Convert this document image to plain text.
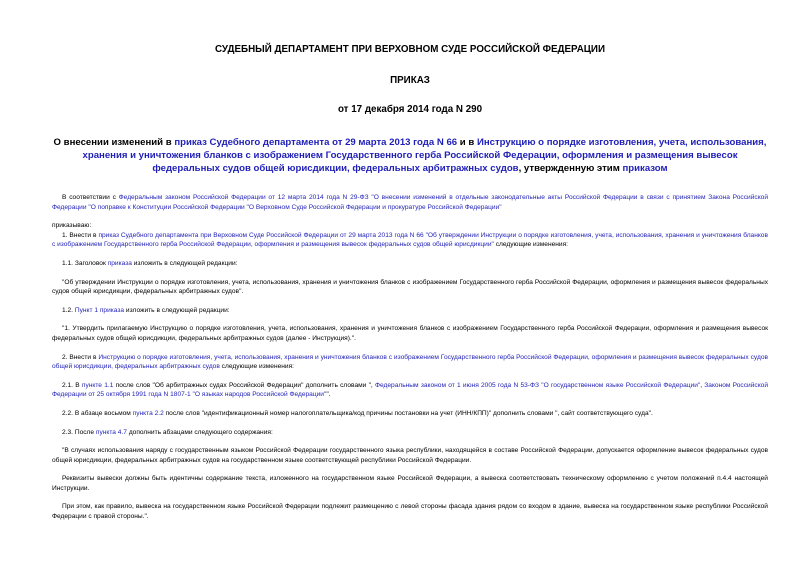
СУДЕБНЫЙ ДЕПАРТАМЕНТ ПРИ ВЕРХОВНОМ СУДЕ РОССИЙСКОЙ ФЕДЕРАЦИИ
ПРИКАЗ
от 17 декабря 2014 года N 290
О внесении изменений в приказ Судебного департамента от 29 марта 2013 года N 66 и в Инструкцию о порядке изготовления, учета, использования, хранения и уничтожения бланков с изображением Государственного герба Российской Федерации, оформления и размещения вывесок федеральных судов общей юрисдикции, федеральных арбитражных судов, утвержденную этим приказом

В соответствии с Федеральным законом Российской Федерации от 12 марта 2014 года N 29-ФЗ "О внесении изменений в отдельные законодательные акты Российской Федерации в связи с принятием Закона Российской Федерации "О поправке к Конституции Российской Федерации "О Верховном Суде Российской Федерации и прокуратуре Российской Федерации"

приказываю:

1. Внести в приказ Судебного департамента при Верховном Суде Российской Федерации от 29 марта 2013 года N 66 "Об утверждении Инструкции о порядке изготовления, учета, использования, хранения и уничтожения бланков с изображением Государственного герба Российской Федерации, оформления и размещения вывесок федеральных судов общей юрисдикции" следующие изменения:

1.1. Заголовок приказа изложить в следующей редакции:

"Об утверждении Инструкции о порядке изготовления, учета, использования, хранения и уничтожения бланков с изображением Государственного герба Российской Федерации, оформления и размещения вывесок федеральных судов общей юрисдикции, федеральных арбитражных судов".

1.2. Пункт 1 приказа изложить в следующей редакции:

"1. Утвердить прилагаемую Инструкцию о порядке изготовления, учета, использования, хранения и уничтожения бланков с изображением Государственного герба Российской Федерации, оформления и размещения вывесок федеральных судов общей юрисдикции, федеральных арбитражных судов (далее - Инструкция).".

2. Внести в Инструкцию о порядке изготовления, учета, использования, хранения и уничтожения бланков с изображением Государственного герба Российской Федерации, оформления и размещения вывесок федеральных судов общей юрисдикции, федеральных арбитражных судов следующие изменения:

2.1. В пункте 1.1 после слов "Об арбитражных судах Российской Федерации" дополнить словами ", Федеральным законом от 1 июня 2005 года N 53-ФЗ "О государственном языке Российской Федерации", Законом Российской Федерации от 25 октября 1991 года N 1807-1 "О языках народов Российской Федерации"".

2.2. В абзаце восьмом пункта 2.2 после слов "идентификационный номер налогоплательщика/код причины постановки на учет (ИНН/КПП)" дополнить словами ", сайт соответствующего суда".

2.3. После пункта 4.7 дополнить абзацами следующего содержания:

"В случаях использования наряду с государственным языком Российской Федерации государственного языка республики, находящейся в составе Российской Федерации, допускается оформление вывесок федеральных судов общей юрисдикции, федеральных арбитражных судов на государственном языке соответствующей республики Российской Федерации.

Реквизиты вывески должны быть идентичны содержание текста, изложенного на государственном языке Российской Федерации, а вывеска соответствовать техническому оформлению с учетом положений п.4.4 настоящей Инструкции.

При этом, как правило, вывеска на государственном языке Российской Федерации подлежит размещению с левой стороны фасада здания рядом со входом в здание, вывеска на государственном языке республики Российской Федерации с правой стороны.".
